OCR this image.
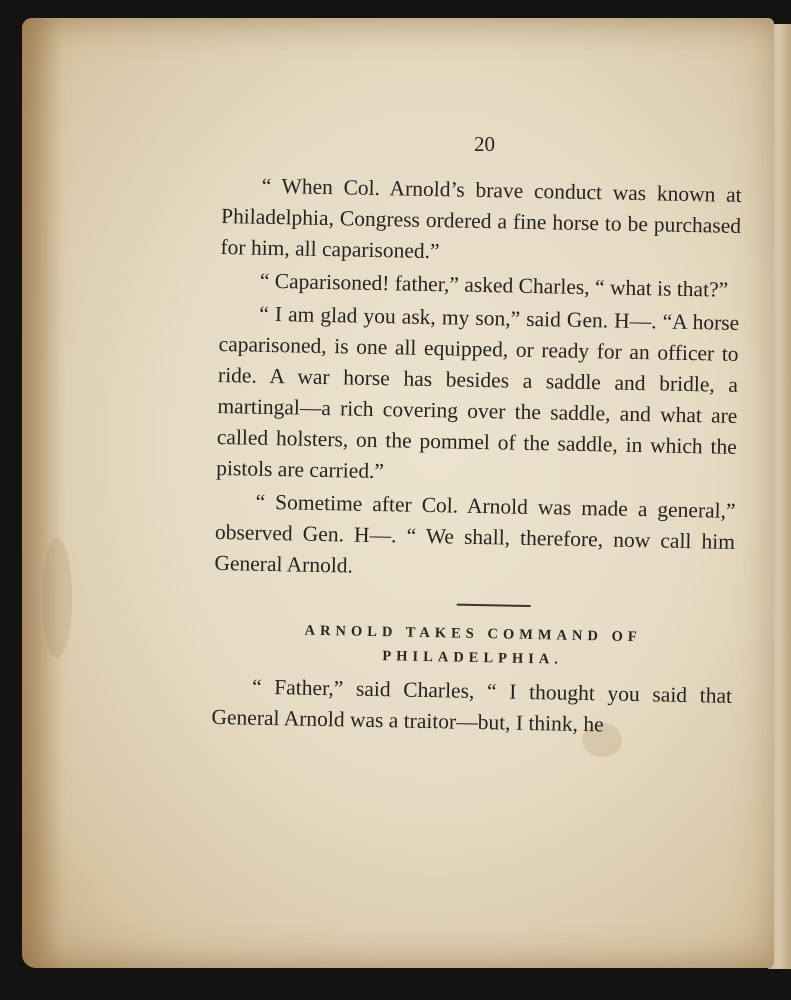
20

“ When Col. Arnold’s brave conduct was known at Philadelphia, Congress ordered a fine horse to be purchased for him, all caparisoned.”

“ Caparisoned! father,” asked Charles, “ what is that?”

“ I am glad you ask, my son,” said Gen. H—. “A horse caparisoned, is one all equipped, or ready for an officer to ride. A war horse has besides a saddle and bridle, a martingal—a rich covering over the saddle, and what are called holsters, on the pommel of the saddle, in which the pistols are carried.”

“ Sometime after Col. Arnold was made a general,” observed Gen. H—. “ We shall, therefore, now call him General Arnold.

ARNOLD TAKES COMMAND OF PHILADELPHIA.

“ Father,” said Charles, “ I thought you said that General Arnold was a traitor—but, I think, he
